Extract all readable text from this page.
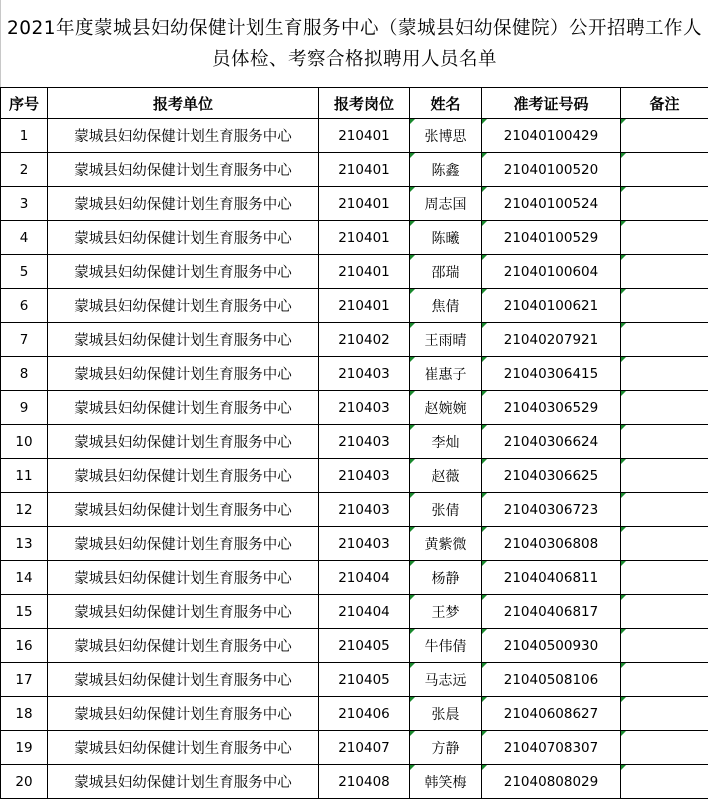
2021年度蒙城县妇幼保健计划生育服务中心（蒙城县妇幼保健院）公开招聘工作人
员体检、考察合格拟聘用人员名单
序号	报考单位	报考岗位	姓名	准考证号码	备注
1	蒙城县妇幼保健计划生育服务中心	210401	张博思	21040100429	
2	蒙城县妇幼保健计划生育服务中心	210401	陈鑫	21040100520	
3	蒙城县妇幼保健计划生育服务中心	210401	周志国	21040100524	
4	蒙城县妇幼保健计划生育服务中心	210401	陈曦	21040100529	
5	蒙城县妇幼保健计划生育服务中心	210401	邵瑞	21040100604	
6	蒙城县妇幼保健计划生育服务中心	210401	焦倩	21040100621	
7	蒙城县妇幼保健计划生育服务中心	210402	王雨晴	21040207921	
8	蒙城县妇幼保健计划生育服务中心	210403	崔惠子	21040306415	
9	蒙城县妇幼保健计划生育服务中心	210403	赵婉婉	21040306529	
10	蒙城县妇幼保健计划生育服务中心	210403	李灿	21040306624	
11	蒙城县妇幼保健计划生育服务中心	210403	赵薇	21040306625	
12	蒙城县妇幼保健计划生育服务中心	210403	张倩	21040306723	
13	蒙城县妇幼保健计划生育服务中心	210403	黄紫微	21040306808	
14	蒙城县妇幼保健计划生育服务中心	210404	杨静	21040406811	
15	蒙城县妇幼保健计划生育服务中心	210404	王梦	21040406817	
16	蒙城县妇幼保健计划生育服务中心	210405	牛伟倩	21040500930	
17	蒙城县妇幼保健计划生育服务中心	210405	马志远	21040508106	
18	蒙城县妇幼保健计划生育服务中心	210406	张晨	21040608627	
19	蒙城县妇幼保健计划生育服务中心	210407	方静	21040708307	
20	蒙城县妇幼保健计划生育服务中心	210408	韩笑梅	21040808029	
